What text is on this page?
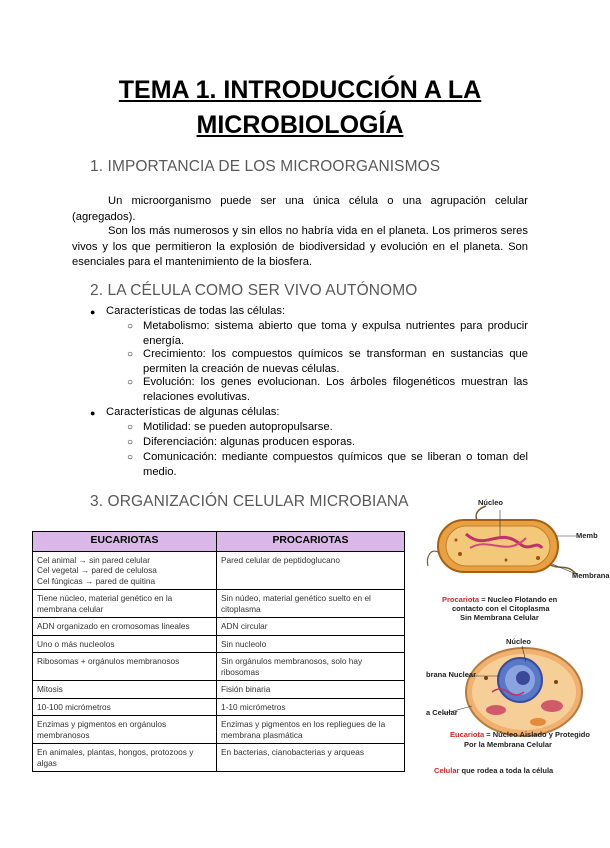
TEMA 1. INTRODUCCIÓN A LA
MICROBIOLOGÍA
1. IMPORTANCIA DE LOS MICROORGANISMOS
Un microorganismo puede ser una única célula o una agrupación celular (agregados).
Son los más numerosos y sin ellos no habría vida en el planeta. Los primeros seres vivos y los que permitieron la explosión de biodiversidad y evolución en el planeta. Son esenciales para el mantenimiento de la biosfera.
2. LA CÉLULA COMO SER VIVO AUTÓNOMO
● Características de todas las células:
○ Metabolismo: sistema abierto que toma y expulsa nutrientes para producir energía.
○ Crecimiento: los compuestos químicos se transforman en sustancias que permiten la creación de nuevas células.
○ Evolución: los genes evolucionan. Los árboles filogenéticos muestran las relaciones evolutivas.
● Características de algunas células:
○ Motilidad: se pueden autopropulsarse.
○ Diferenciación: algunas producen esporas.
○ Comunicación: mediante compuestos químicos que se liberan o toman del medio.
3. ORGANIZACIÓN CELULAR MICROBIANA
EUCARIOTAS	PROCARIOTAS
Cel animal → sin pared celular
Cel vegetal → pared de celulosa
Cel fúngicas → pared de quitina	Pared celular de peptidoglucano
Tiene núcleo, material genético en la membrana celular	Sin núdeo, material genético suelto en el citoplasma
ADN organizado en cromosomas lineales	ADN circular
Uno o más nucleolos	Sin nucleolo
Ribosomas + orgánulos membranosos	Sin orgánulos membranosos, solo hay ribosomas
Mitosis	Fisión binaria
10-100 micrómetros	1-10 micrómetros
Enzimas y pigmentos en orgánulos membranosos	Enzimas y pigmentos en los repliegues de la membrana plasmática
En animales, plantas, hongos, protozoos y algas	En bacterias, cianobacterias y arqueas
Núcleo
Memb
Membrana
Procariota = Nucleo Flotando en
contacto con el Citoplasma
Sin Membrana Celular
Núcleo
brana Nuclear
a Celular
Eucariota = Núcleo Aislado y Protegido
Por la Membrana Celular
Celular que rodea a toda la célula
